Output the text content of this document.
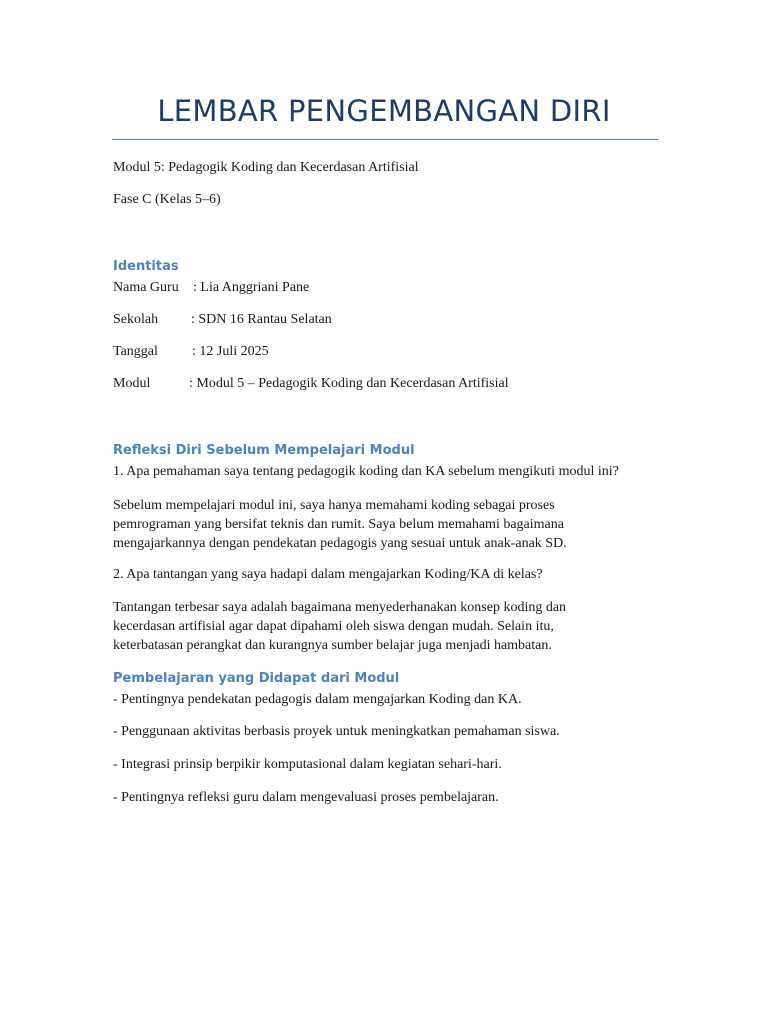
LEMBAR PENGEMBANGAN DIRI
Modul 5: Pedagogik Koding dan Kecerdasan Artifisial
Fase C (Kelas 5–6)
Identitas
Nama Guru : Lia Anggriani Pane
Sekolah : SDN 16 Rantau Selatan
Tanggal : 12 Juli 2025
Modul	: Modul 5 – Pedagogik Koding dan Kecerdasan Artifisial
Refleksi Diri Sebelum Mempelajari Modul
1. Apa pemahaman saya tentang pedagogik koding dan KA sebelum mengikuti modul ini?
Sebelum mempelajari modul ini, saya hanya memahami koding sebagai proses
pemrograman yang bersifat teknis dan rumit. Saya belum memahami bagaimana
mengajarkannya dengan pendekatan pedagogis yang sesuai untuk anak-anak SD.
2. Apa tantangan yang saya hadapi dalam mengajarkan Koding/KA di kelas?
Tantangan terbesar saya adalah bagaimana menyederhanakan konsep koding dan
kecerdasan artifisial agar dapat dipahami oleh siswa dengan mudah. Selain itu,
keterbatasan perangkat dan kurangnya sumber belajar juga menjadi hambatan.
Pembelajaran yang Didapat dari Modul
- Pentingnya pendekatan pedagogis dalam mengajarkan Koding dan KA.
- Penggunaan aktivitas berbasis proyek untuk meningkatkan pemahaman siswa.
- Integrasi prinsip berpikir komputasional dalam kegiatan sehari-hari.
- Pentingnya refleksi guru dalam mengevaluasi proses pembelajaran.
